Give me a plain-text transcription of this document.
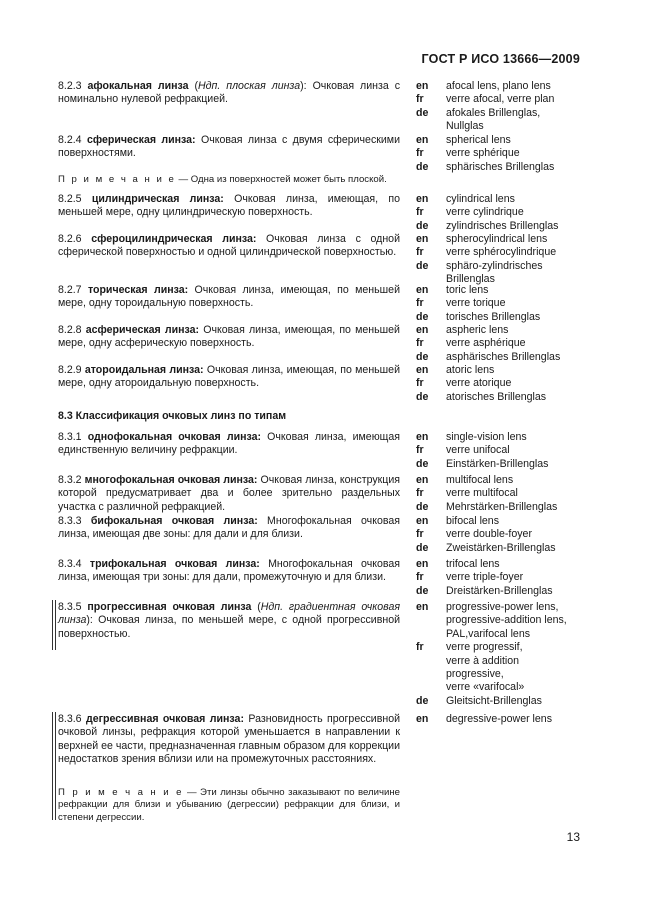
ГОСТ Р ИСО 13666—2009
8.2.3 афокальная линза (Ндп. плоская линза): Очковая линза с номинально нулевой рефракцией.
8.2.4 сферическая линза: Очковая линза с двумя сферическими поверхностями.
П р и м е ч а н и е — Одна из поверхностей может быть плоской.
8.2.5 цилиндрическая линза: Очковая линза, имеющая, по меньшей мере, одну цилиндрическую поверхность.
8.2.6 сфероцилиндрическая линза: Очковая линза с одной сферической поверхностью и одной цилиндрической поверхностью.
8.2.7 торическая линза: Очковая линза, имеющая, по меньшей мере, одну тороидальную поверхность.
8.2.8 асферическая линза: Очковая линза, имеющая, по меньшей мере, одну асферическую поверхность.
8.2.9 атороидальная линза: Очковая линза, имеющая, по меньшей мере, одну атороидальную поверхность.
8.3 Классификация очковых линз по типам
8.3.1 однофокальная очковая линза: Очковая линза, имеющая единственную величину рефракции.
8.3.2 многофокальная очковая линза: Очковая линза, конструкция которой предусматривает два и более зрительно раздельных участка с различной рефракцией.
8.3.3 бифокальная очковая линза: Многофокальная очковая линза, имеющая две зоны: для дали и для близи.
8.3.4 трифокальная очковая линза: Многофокальная очковая линза, имеющая три зоны: для дали, промежуточную и для близи.
8.3.5 прогрессивная очковая линза (Ндп. градиентная очковая линза): Очковая линза, по меньшей мере, с одной прогрессивной поверхностью.
8.3.6 дегрессивная очковая линза: Разновидность прогрессивной очковой линзы, рефракция которой уменьшается в направлении к верхней ее части, предназначенная главным образом для коррекции недостатков зрения вблизи или на промежуточных расстояниях.
П р и м е ч а н и е — Эти линзы обычно заказывают по величине рефракции для близи и убыванию (дегрессии) рефракции для близи, и степени дегрессии.
en	afocal lens, plano lens
fr	verre afocal, verre plan
de	afokales Brillenglas,
Nullglas
en	spherical lens
fr	verre sphérique
de	sphärisches Brillenglas
en	cylindrical lens
fr	verre cylindrique
de	zylindrisches Brillenglas
en	spherocylindrical lens
fr	verre sphérocylindrique
de	sphäro-zylindrisches
Brillenglas
en	toric lens
fr	verre torique
de	torisches Brillenglas
en	aspheric lens
fr	verre asphérique
de	asphärisches Brillenglas
en	atoric lens
fr	verre atorique
de	atorisches Brillenglas
en	single-vision lens
fr	verre unifocal
de	Einstärken-Brillenglas
en	multifocal lens
fr	verre multifocal
de	Mehrstärken-Brillenglas
en	bifocal lens
fr	verre double-foyer
de	Zweistärken-Brillenglas
en	trifocal lens
fr	verre triple-foyer
de	Dreistärken-Brillenglas
en	progressive-power lens,
progressive-addition lens,
PAL,varifocal lens
fr	verre progressif,
verre à addition
progressive,
verre «varifocal»
de	Gleitsicht-Brillenglas
en	degressive-power lens
13
